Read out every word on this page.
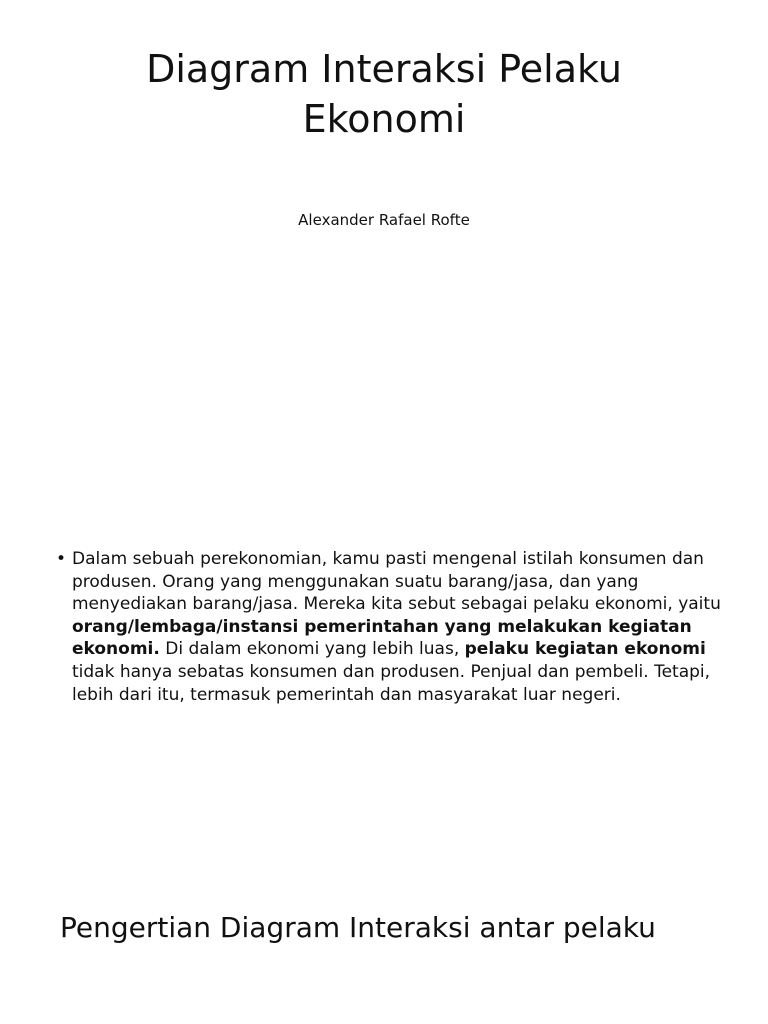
Diagram Interaksi Pelaku Ekonomi
Alexander Rafael Rofte
• Dalam sebuah perekonomian, kamu pasti mengenal istilah konsumen dan produsen. Orang yang menggunakan suatu barang/jasa, dan yang menyediakan barang/jasa. Mereka kita sebut sebagai pelaku ekonomi, yaitu orang/lembaga/instansi pemerintahan yang melakukan kegiatan ekonomi. Di dalam ekonomi yang lebih luas, pelaku kegiatan ekonomi tidak hanya sebatas konsumen dan produsen. Penjual dan pembeli. Tetapi, lebih dari itu, termasuk pemerintah dan masyarakat luar negeri.
Pengertian Diagram Interaksi antar pelaku
